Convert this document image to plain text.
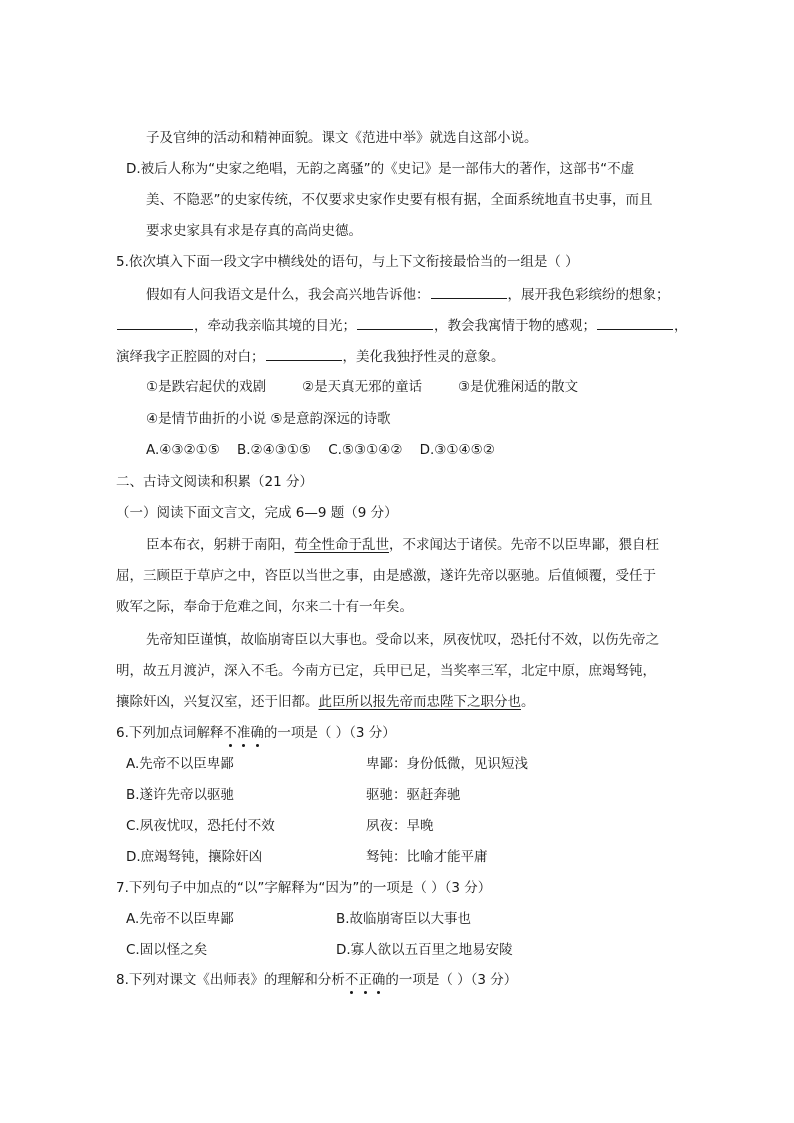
子及官绅的活动和精神面貌。课文《范进中举》就选自这部小说。
D.被后人称为“史家之绝唱，无韵之离骚”的《史记》是一部伟大的著作，这部书“不虚
美、不隐恶”的史家传统，不仅要求史家作史要有根有据，全面系统地直书史事，而且
要求史家具有求是存真的高尚史德。
5.依次填入下面一段文字中横线处的语句，与上下文衔接最恰当的一组是（ ）
假如有人问我语文是什么，我会高兴地告诉他：	，展开我色彩缤纷的想象；
，牵动我亲临其境的目光；	，教会我寓情于物的感观；	，
演绎我字正腔圆的对白；	，美化我独抒性灵的意象。
①是跌宕起伏的戏剧	②是天真无邪的童话	③是优雅闲适的散文
④是情节曲折的小说 ⑤是意韵深远的诗歌
A.④③②①⑤    B.②④③①⑤    C.⑤③①④②    D.③①④⑤②
二、古诗文阅读和积累（21 分）
（一）阅读下面文言文，完成 6—9 题（9 分）
臣本布衣，躬耕于南阳，苟全性命于乱世，不求闻达于诸侯。先帝不以臣卑鄙，猥自枉
屈，三顾臣于草庐之中，咨臣以当世之事，由是感激，遂许先帝以驱驰。后值倾覆，受任于
败军之际，奉命于危难之间，尔来二十有一年矣。
先帝知臣谨慎，故临崩寄臣以大事也。受命以来，夙夜忧叹，恐托付不效，以伤先帝之
明，故五月渡泸，深入不毛。今南方已定，兵甲已足，当奖率三军，北定中原，庶竭驽钝，
攘除奸凶，兴复汉室，还于旧都。此臣所以报先帝而忠陛下之职分也。
6.下列加点词解释不准确的一项是（ ）（3 分）
A.先帝不以臣卑鄙	卑鄙：身份低微，见识短浅
B.遂许先帝以驱驰	驱驰：驱赶奔驰
C.夙夜忧叹，恐托付不效	夙夜：早晚
D.庶竭驽钝，攘除奸凶	驽钝：比喻才能平庸
7.下列句子中加点的“以”字解释为“因为”的一项是（ ）（3 分）
A.先帝不以臣卑鄙	B.故临崩寄臣以大事也
C.固以怪之矣	D.寡人欲以五百里之地易安陵
8.下列对课文《出师表》的理解和分析不正确的一项是（ ）（3 分）
